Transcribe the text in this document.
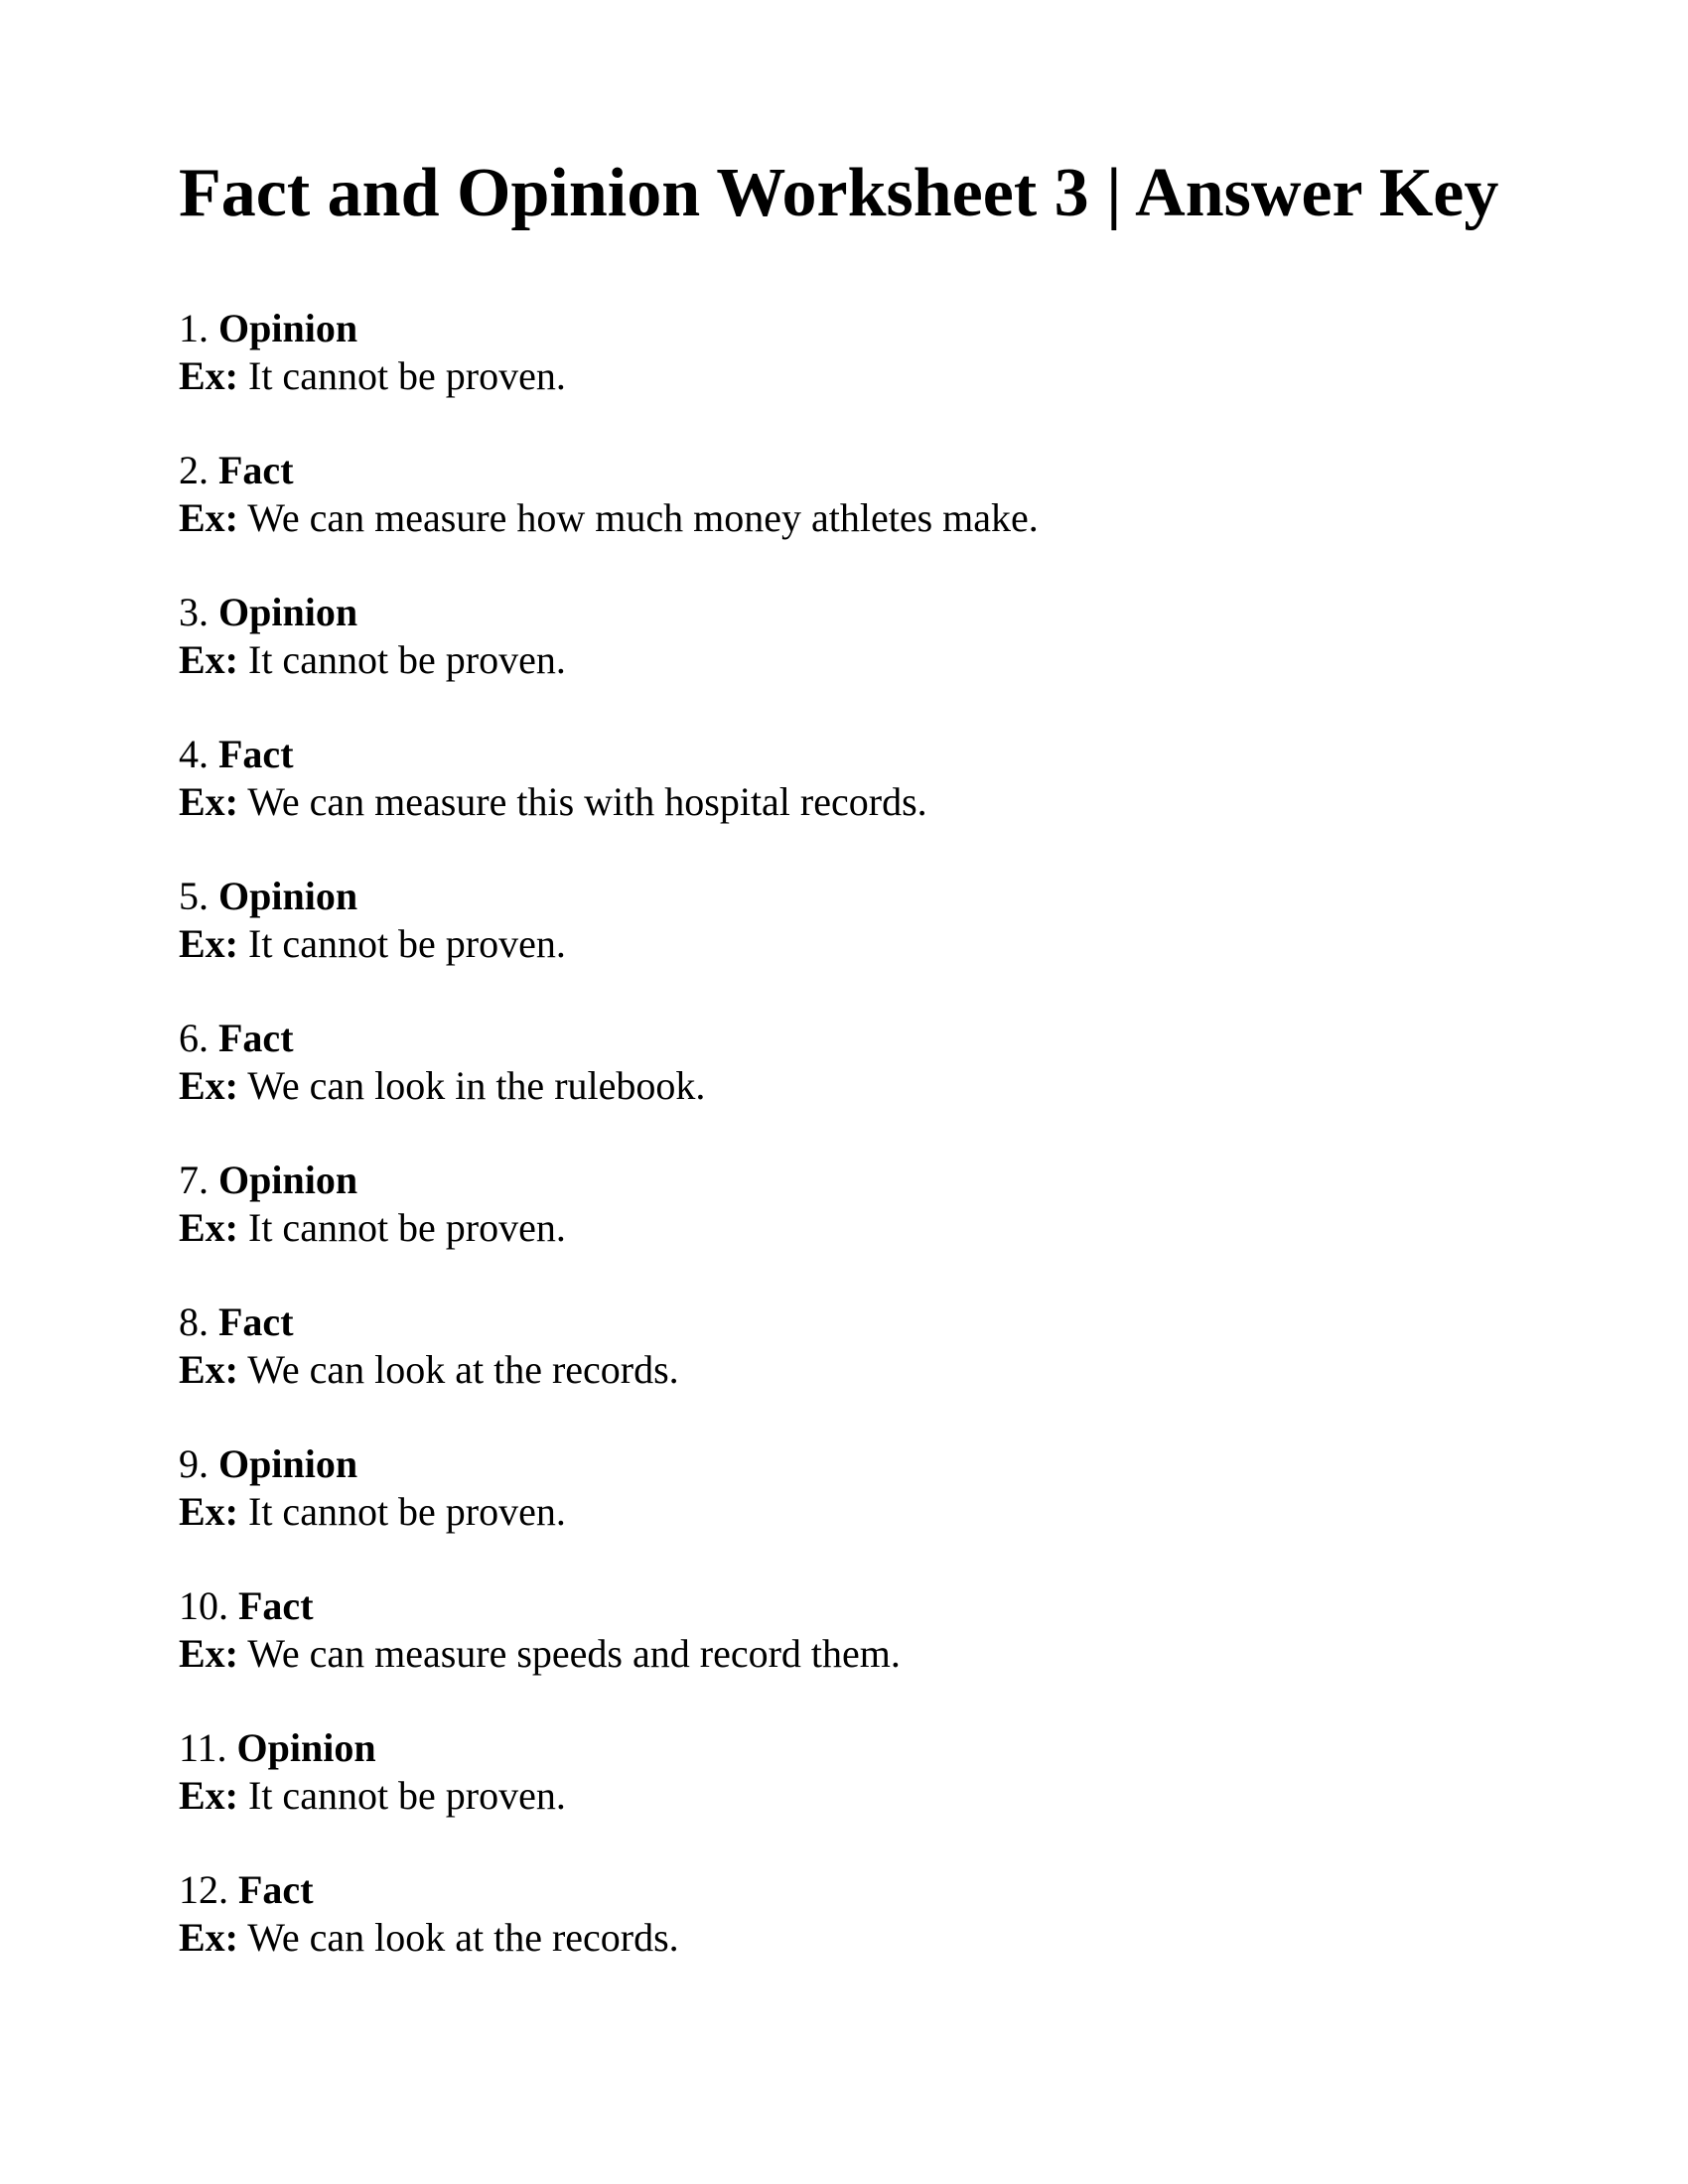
Fact and Opinion Worksheet 3 | Answer Key
1. Opinion
Ex: It cannot be proven.
2. Fact
Ex: We can measure how much money athletes make.
3. Opinion
Ex: It cannot be proven.
4. Fact
Ex: We can measure this with hospital records.
5. Opinion
Ex: It cannot be proven.
6. Fact
Ex: We can look in the rulebook.
7. Opinion
Ex: It cannot be proven.
8. Fact
Ex: We can look at the records.
9. Opinion
Ex: It cannot be proven.
10. Fact
Ex: We can measure speeds and record them.
11. Opinion
Ex: It cannot be proven.
12. Fact
Ex: We can look at the records.
